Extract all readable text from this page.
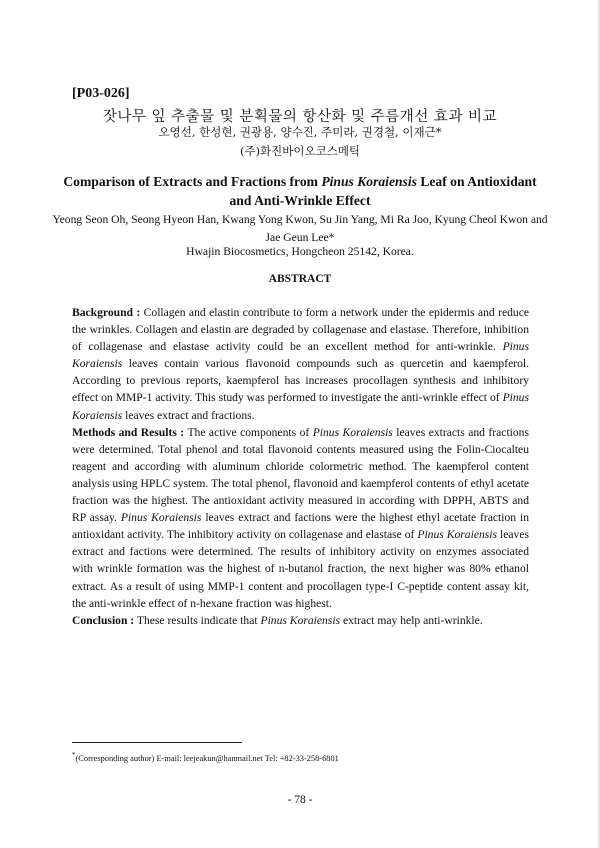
[P03-026]
잣나무 잎 추출물 및 분획물의 항산화 및 주름개선 효과 비교
오영선, 한성현, 권광용, 양수진, 주미라, 권경철, 이재근*
(주)화진바이오코스메틱
Comparison of Extracts and Fractions from Pinus Koraiensis Leaf on Antioxidant and Anti-Wrinkle Effect
Yeong Seon Oh, Seong Hyeon Han, Kwang Yong Kwon, Su Jin Yang, Mi Ra Joo, Kyung Cheol Kwon and Jae Geun Lee*
Hwajin Biocosmetics, Hongcheon 25142, Korea.
ABSTRACT

Background : Collagen and elastin contribute to form a network under the epidermis and reduce the wrinkles. Collagen and elastin are degraded by collagenase and elastase. Therefore, inhibition of collagenase and elastase activity could be an excellent method for anti-wrinkle. Pinus Koraiensis leaves contain various flavonoid compounds such as quercetin and kaempferol. According to previous reports, kaempferol has increases procollagen synthesis and inhibitory effect on MMP-1 activity. This study was performed to investigate the anti-wrinkle effect of Pinus Koraiensis leaves extract and fractions.

Methods and Results : The active components of Pinus Koraiensis leaves extracts and fractions were determined. Total phenol and total flavonoid contents measured using the Folin-Ciocalteu reagent and according with aluminum chloride colormetric method. The kaempferol content analysis using HPLC system. The total phenol, flavonoid and kaempferol contents of ethyl acetate fraction was the highest. The antioxidant activity measured in according with DPPH, ABTS and RP assay. Pinus Koraiensis leaves extract and factions were the highest ethyl acetate fraction in antioxidant activity. The inhibitory activity on collagenase and elastase of Pinus Koraiensis leaves extract and factions were determined. The results of inhibitory activity on enzymes associated with wrinkle formation was the highest of n-butanol fraction, the next higher was 80% ethanol extract. As a result of using MMP-1 content and procollagen type-I C-peptide content assay kit, the anti-wrinkle effect of n-hexane fraction was highest.

Conclusion : These results indicate that Pinus Koraiensis extract may help anti-wrinkle.

*(Corresponding author) E-mail: leejeakun@hanmail.net Tel: +82-33-258-6801
- 78 -
